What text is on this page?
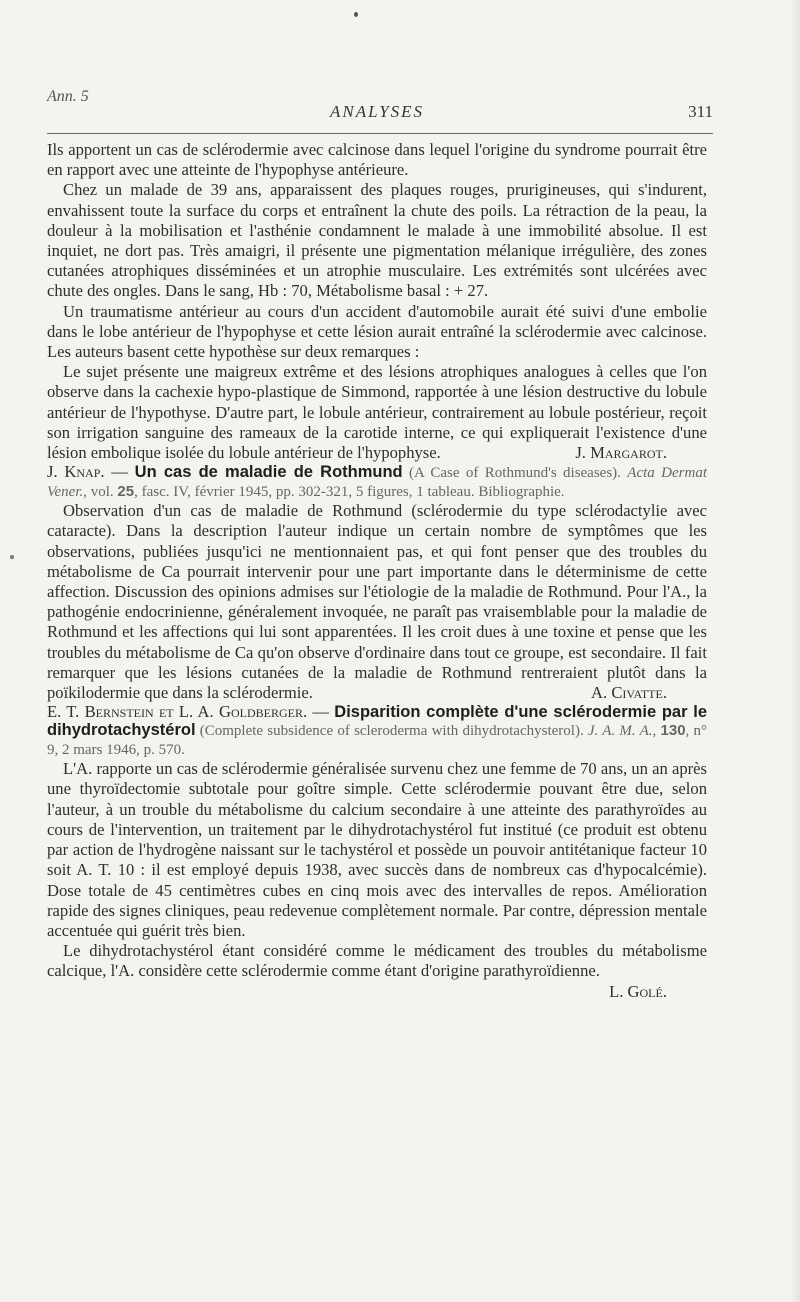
Ann. 5
ANALYSES	311

Ils apportent un cas de sclérodermie avec calcinose dans lequel l'origine du syndrome pourrait être en rapport avec une atteinte de l'hypophyse antérieure.

Chez un malade de 39 ans, apparaissent des plaques rouges, prurigineuses, qui s'indurent, envahissent toute la surface du corps et entraînent la chute des poils. La rétraction de la peau, la douleur à la mobilisation et l'asthénie condamnent le malade à une immobilité absolue. Il est inquiet, ne dort pas. Très amaigri, il présente une pigmentation mélanique irrégulière, des zones cutanées atrophiques disséminées et un atrophie musculaire. Les extrémités sont ulcérées avec chute des ongles. Dans le sang, Hb : 70, Métabolisme basal : + 27.

Un traumatisme antérieur au cours d'un accident d'automobile aurait été suivi d'une embolie dans le lobe antérieur de l'hypophyse et cette lésion aurait entraîné la sclérodermie avec calcinose. Les auteurs basent cette hypothèse sur deux remarques :

Le sujet présente une maigreux extrême et des lésions atrophiques analogues à celles que l'on observe dans la cachexie hypo-plastique de Simmond, rapportée à une lésion destructive du lobule antérieur de l'hypothyse. D'autre part, le lobule antérieur, contrairement au lobule postérieur, reçoit son irrigation sanguine des rameaux de la carotide interne, ce qui expliquerait l'existence d'une lésion embolique isolée du lobule antérieur de l'hypophyse.	J. Margarot.

J. Knap. — Un cas de maladie de Rothmund (A Case of Rothmund's diseases). Acta Dermat Vener., vol. 25, fasc. IV, février 1945, pp. 302-321, 5 figures, 1 tableau. Bibliographie.

Observation d'un cas de maladie de Rothmund (sclérodermie du type sclérodactylie avec cataracte). Dans la description l'auteur indique un certain nombre de symptômes que les observations, publiées jusqu'ici ne mentionnaient pas, et qui font penser que des troubles du métabolisme de Ca pourrait intervenir pour une part importante dans le déterminisme de cette affection. Discussion des opinions admises sur l'étiologie de la maladie de Rothmund. Pour l'A., la pathogénie endocrinienne, généralement invoquée, ne paraît pas vraisemblable pour la maladie de Rothmund et les affections qui lui sont apparentées. Il les croit dues à une toxine et pense que les troubles du métabolisme de Ca qu'on observe d'ordinaire dans tout ce groupe, est secondaire. Il fait remarquer que les lésions cutanées de la maladie de Rothmund rentreraient plutôt dans la poïkilodermie que dans la sclérodermie.	A. Civatte.

E. T. Bernstein et L. A. Goldberger. — Disparition complète d'une sclérodermie par le dihydrotachystérol (Complete subsidence of scleroderma with dihydrotachysterol). J. A. M. A., 130, n° 9, 2 mars 1946, p. 570.

L'A. rapporte un cas de sclérodermie généralisée survenu chez une femme de 70 ans, un an après une thyroïdectomie subtotale pour goître simple. Cette sclérodermie pouvant être due, selon l'auteur, à un trouble du métabolisme du calcium secondaire à une atteinte des parathyroïdes au cours de l'intervention, un traitement par le dihydrotachystérol fut institué (ce produit est obtenu par action de l'hydrogène naissant sur le tachystérol et possède un pouvoir antitétanique facteur 10 soit A. T. 10 : il est employé depuis 1938, avec succès dans de nombreux cas d'hypocalcémie). Dose totale de 45 centimètres cubes en cinq mois avec des intervalles de repos. Amélioration rapide des signes cliniques, peau redevenue complètement normale. Par contre, dépression mentale accentuée qui guérit très bien.

Le dihydrotachystérol étant considéré comme le médicament des troubles du métabolisme calcique, l'A. considère cette sclérodermie comme étant d'origine parathyroïdienne.
L. Golé.
